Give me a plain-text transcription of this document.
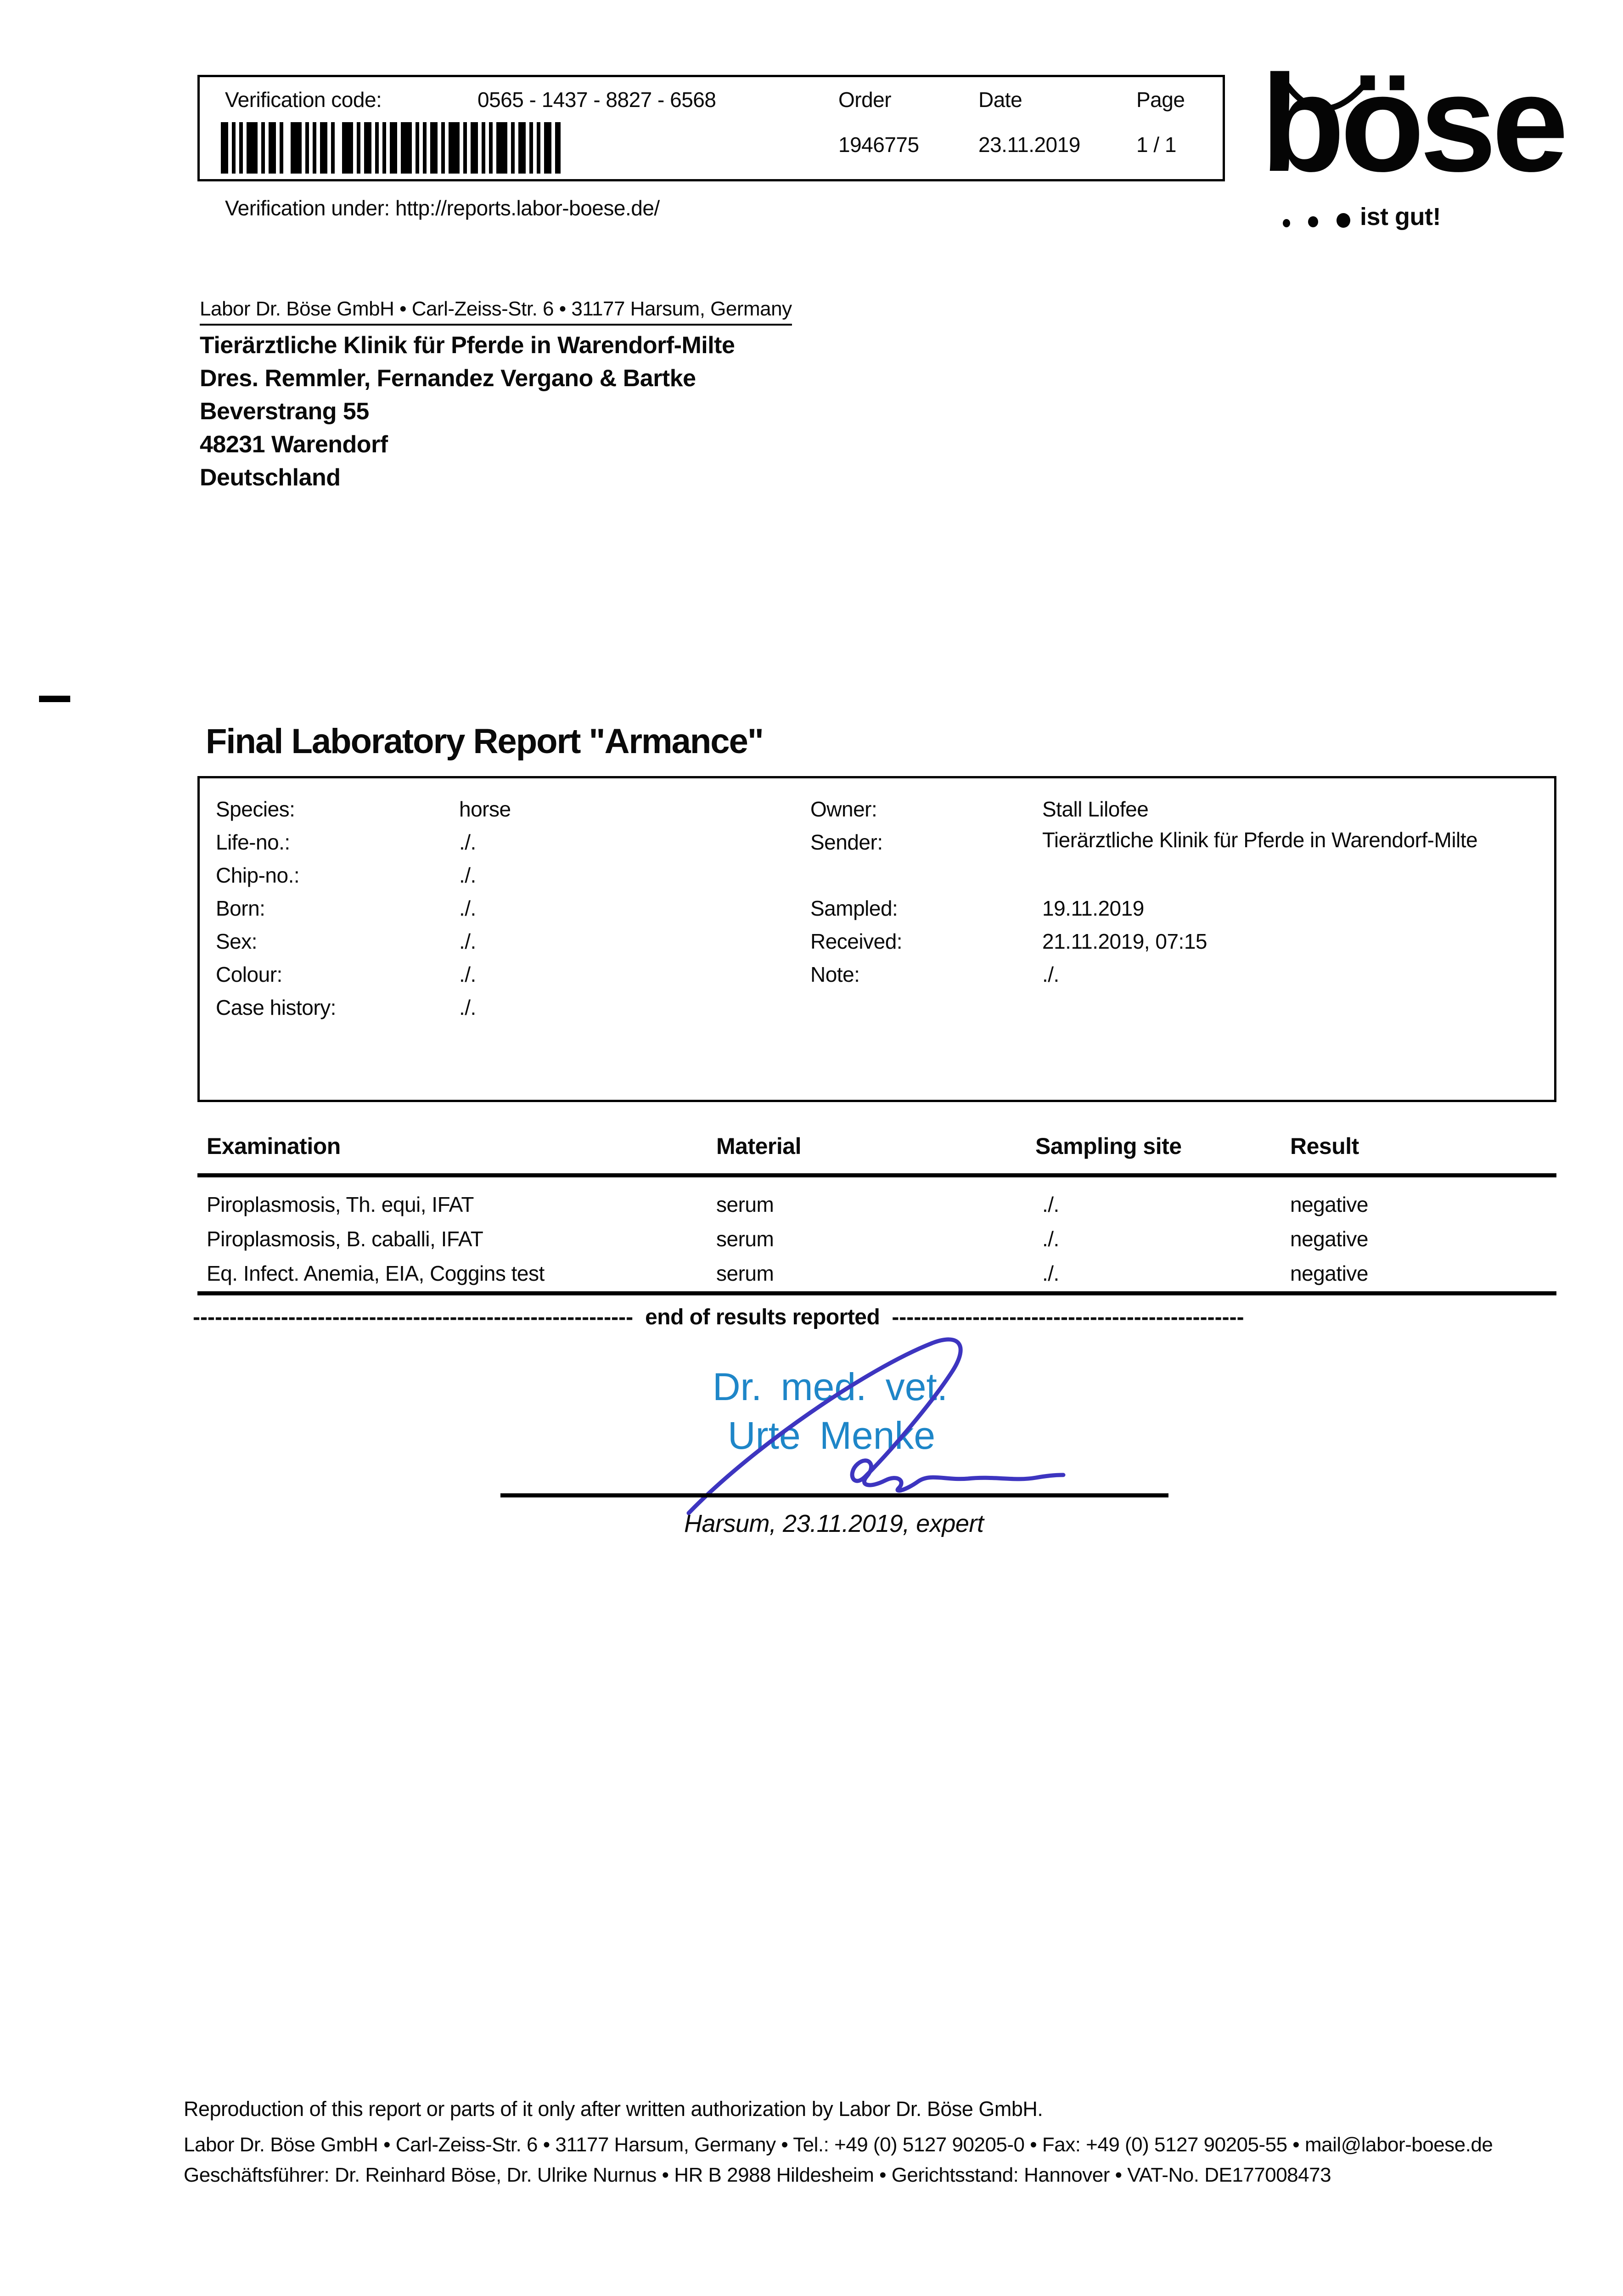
Verification code:	0565 - 1437 - 8827 - 6568	Order	Date	Page
1946775	23.11.2019	1 / 1
Verification under: http://reports.labor-boese.de/
böse
ist gut!
Labor Dr. Böse GmbH • Carl-Zeiss-Str. 6 • 31177 Harsum, Germany
Tierärztliche Klinik für Pferde in Warendorf-Milte
Dres. Remmler, Fernandez Vergano & Bartke
Beverstrang 55
48231 Warendorf
Deutschland
Final Laboratory Report "Armance"
Species:	horse
Life-no.:	./.
Chip-no.:	./.
Born:	./.
Sex:	./.
Colour:	./.
Case history:	./.
Owner:	Stall Lilofee
Sender:	Tierärztliche Klinik für Pferde in Warendorf-Milte
Sampled:	19.11.2019
Received:	21.11.2019, 07:15
Note:	./.
Examination	Material	Sampling site	Result
Piroplasmosis, Th. equi, IFAT	serum	./.	negative
Piroplasmosis, B. caballi, IFAT	serum	./.	negative
Eq. Infect. Anemia, EIA, Coggins test	serum	./.	negative
------------------------------------------------------------ end of results reported ------------------------------------------------
Dr. med. vet.
Urte Menke
Harsum, 23.11.2019, expert
Reproduction of this report or parts of it only after written authorization by Labor Dr. Böse GmbH.
Labor Dr. Böse GmbH • Carl-Zeiss-Str. 6 • 31177 Harsum, Germany • Tel.: +49 (0) 5127 90205-0 • Fax: +49 (0) 5127 90205-55 • mail@labor-boese.de
Geschäftsführer: Dr. Reinhard Böse, Dr. Ulrike Nurnus • HR B 2988 Hildesheim • Gerichtsstand: Hannover • VAT-No. DE177008473
